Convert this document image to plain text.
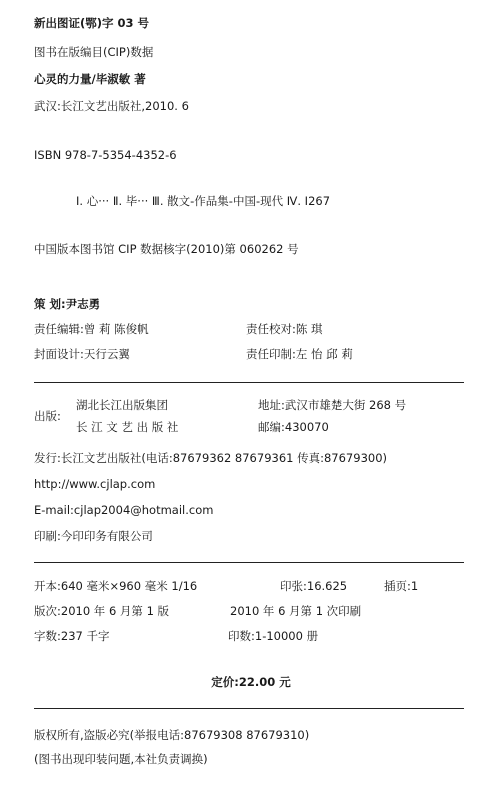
新出图证(鄂)字 03 号
图书在版编目(CIP)数据
心灵的力量/毕淑敏 著
武汉:长江文艺出版社,2010. 6
ISBN 978-7-5354-4352-6
Ⅰ. 心··· Ⅱ. 毕··· Ⅲ. 散文-作品集-中国-现代 Ⅳ. I267
中国版本图书馆 CIP 数据核字(2010)第 060262 号
策 划:尹志勇
责任编辑:曾 莉 陈俊帆	责任校对:陈 琪
封面设计:天行云翼	责任印制:左 怡 邱 莉
出版:
湖北长江出版集团	地址:武汉市雄楚大街 268 号
长 江 文 艺 出 版 社	邮编:430070
发行:长江文艺出版社(电话:87679362 87679361 传真:87679300)
http://www.cjlap.com
E-mail:cjlap2004@hotmail.com
印刷:今印印务有限公司
开本:640 毫米×960 毫米 1/16	印张:16.625	插页:1
版次:2010 年 6 月第 1 版	2010 年 6 月第 1 次印刷
字数:237 千字	印数:1-10000 册
定价:22.00 元
版权所有,盗版必究(举报电话:87679308 87679310)
(图书出现印装问题,本社负责调换)
